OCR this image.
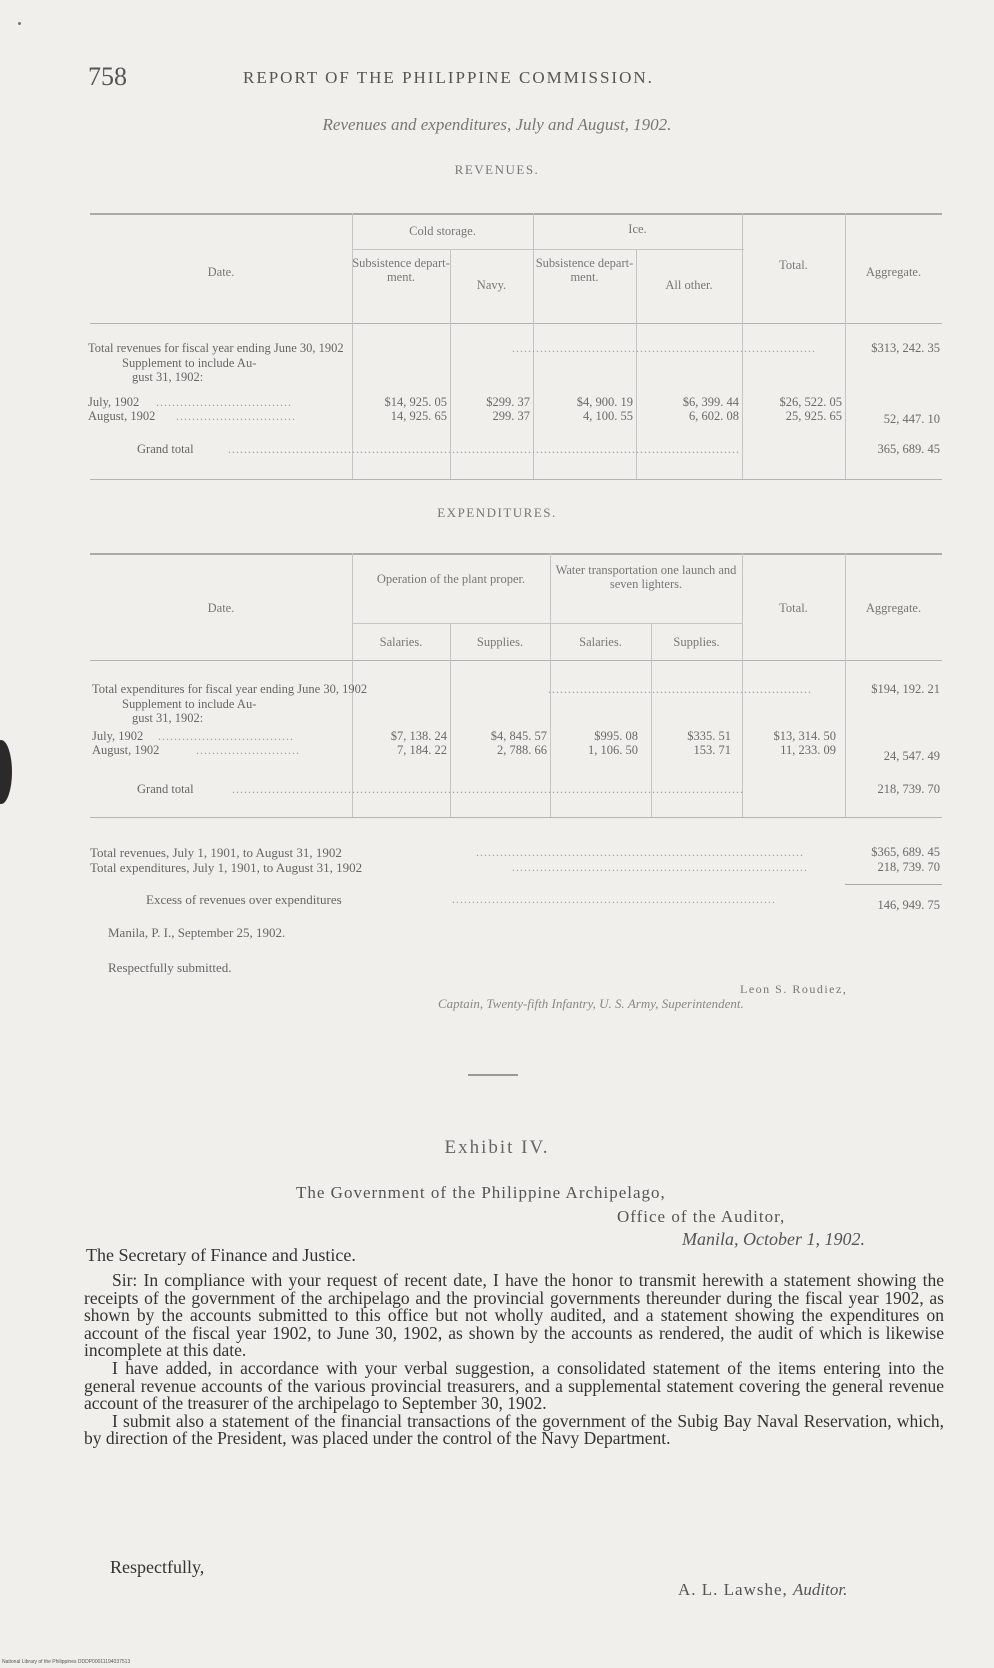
758	REPORT OF THE PHILIPPINE COMMISSION.
Revenues and expenditures, July and August, 1902.
REVENUES.
Date.
Cold storage.	Ice.
Subsistence depart- ment.
Navy.
Subsistence depart- ment.
All other.
Total.	Aggregate.
Total revenues for fiscal year ending June 30, 1902	............................................................................	$313, 242. 35
Supplement to include Au-
gust 31, 1902:
July, 1902 ..................................	$14, 925. 05	$299. 37	$4, 900. 19	$6, 399. 44	$26, 522. 05
August, 1902 ..............................	14, 925. 65	299. 37	4, 100. 55	6, 602. 08	25, 925. 65	52, 447. 10
Grand total	................................................................................................................................	365, 689. 45
EXPENDITURES.
Date.
Operation of the plant proper.
Water transportation one launch and seven lighters.
Salaries.	Supplies.	Salaries.	Supplies.
Total.	Aggregate.
Total expenditures for fiscal year ending June 30, 1902	..................................................................	$194, 192. 21
Supplement to include Au-
gust 31, 1902:
July, 1902 ..................................	$7, 138. 24	$4, 845. 57	$995. 08	$335. 51	$13, 314. 50
August, 1902	..........................	7, 184. 22	2, 788. 66	1, 106. 50	153. 71	11, 233. 09	24, 547. 49
Grand total	................................................................................................................................	218, 739. 70
Total revenues, July 1, 1901, to August 31, 1902	..................................................................................	$365, 689. 45
Total expenditures, July 1, 1901, to August 31, 1902	..........................................................................	218, 739. 70
Excess of revenues over expenditures	.................................................................................	146, 949. 75
Manila, P. I., September 25, 1902.
Respectfully submitted.
Leon S. Roudiez,
Captain, Twenty-fifth Infantry, U. S. Army, Superintendent.
Exhibit IV.
The Government of the Philippine Archipelago,
Office of the Auditor,
Manila, October 1, 1902.
The Secretary of Finance and Justice.

Sir: In compliance with your request of recent date, I have the honor to transmit herewith a statement showing the receipts of the government of the archipelago and the provincial governments thereunder during the fiscal year 1902, as shown by the accounts submitted to this office but not wholly audited, and a statement showing the expenditures on account of the fiscal year 1902, to June 30, 1902, as shown by the accounts as rendered, the audit of which is likewise incomplete at this date.

I have added, in accordance with your verbal suggestion, a consolidated statement of the items entering into the general revenue accounts of the various provincial treasurers, and a supplemental statement covering the general revenue account of the treasurer of the archipelago to September 30, 1902.

I submit also a statement of the financial transactions of the government of the Subig Bay Naval Reservation, which, by direction of the President, was placed under the control of the Navy Department.

Respectfully,
A. L. Lawshe, Auditor.
National Library of the Philippines DDDP00011194037513
